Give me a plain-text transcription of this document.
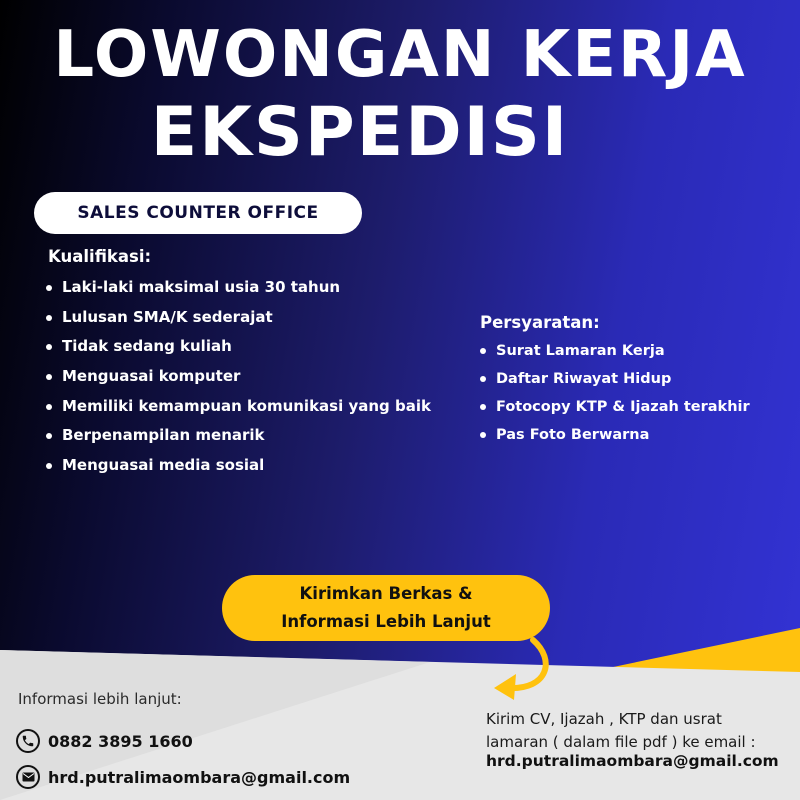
LOWONGAN KERJA
EKSPEDISI
SALES COUNTER OFFICE
Kualifikasi:
Laki-laki maksimal usia 30 tahun
Lulusan SMA/K sederajat
Tidak sedang kuliah
Menguasai komputer
Memiliki kemampuan komunikasi yang baik
Berpenampilan menarik
Menguasai media sosial
Persyaratan:
Surat Lamaran Kerja
Daftar Riwayat Hidup
Fotocopy KTP & Ijazah terakhir
Pas Foto Berwarna
Kirimkan Berkas &
Informasi Lebih Lanjut
Informasi lebih lanjut:
0882 3895 1660
hrd.putralimaombara@gmail.com
Kirim CV, Ijazah , KTP dan usrat
lamaran ( dalam file pdf ) ke email :
hrd.putralimaombara@gmail.com
